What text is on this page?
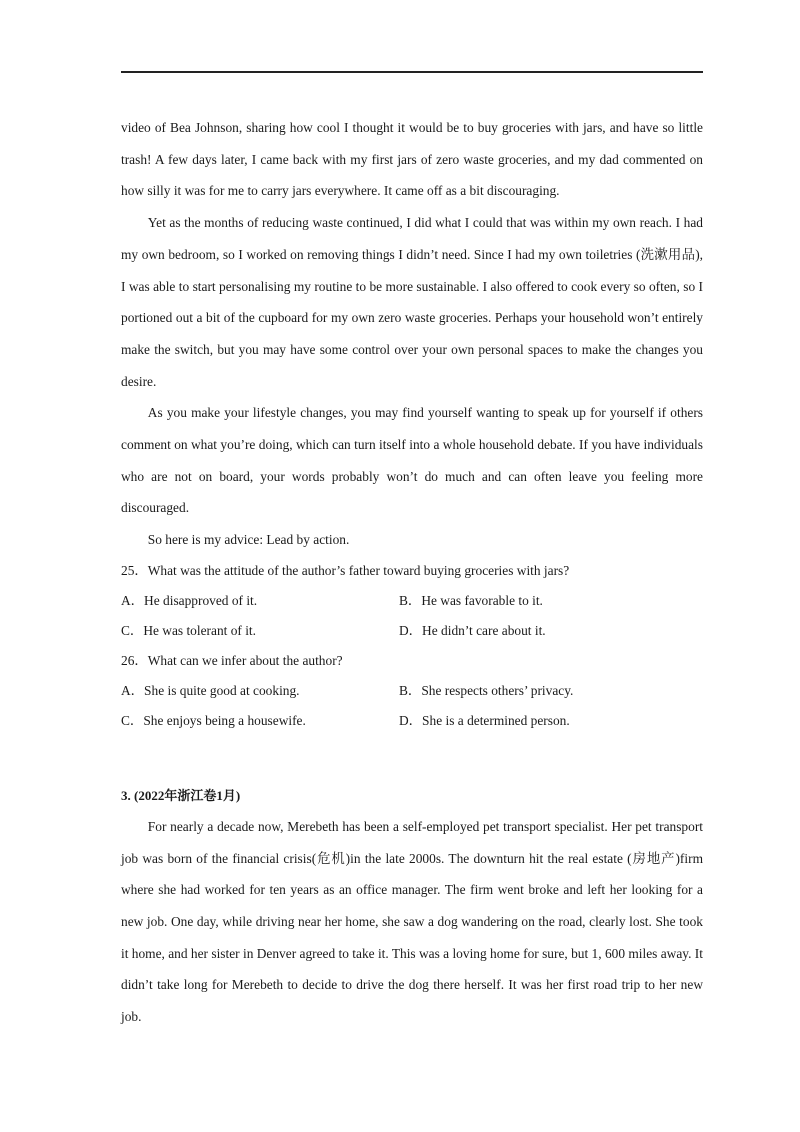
video of Bea Johnson, sharing how cool I thought it would be to buy groceries with jars, and have so little trash! A few days later, I came back with my first jars of zero waste groceries, and my dad commented on how silly it was for me to carry jars everywhere. It came off as a bit discouraging.

Yet as the months of reducing waste continued, I did what I could that was within my own reach. I had my own bedroom, so I worked on removing things I didn’t need. Since I had my own toiletries (洗漱用品), I was able to start personalising my routine to be more sustainable. I also offered to cook every so often, so I portioned out a bit of the cupboard for my own zero waste groceries. Perhaps your household won’t entirely make the switch, but you may have some control over your own personal spaces to make the changes you desire.

As you make your lifestyle changes, you may find yourself wanting to speak up for yourself if others comment on what you’re doing, which can turn itself into a whole household debate. If you have individuals who are not on board, your words probably won’t do much and can often leave you feeling more discouraged.

So here is my advice: Lead by action.

25．What was the attitude of the author’s father toward buying groceries with jars?

A．He disapproved of it.	B．He was favorable to it.
C．He was tolerant of it.	D．He didn’t care about it.

26．What can we infer about the author?

A．She is quite good at cooking.	B．She respects others’ privacy.
C．She enjoys being a housewife.	D．She is a determined person.

3. (2022年浙江卷1月)

For nearly a decade now, Merebeth has been a self-employed pet transport specialist. Her pet transport job was born of the financial crisis(危机)in the late 2000s. The downturn hit the real estate (房地产)firm where she had worked for ten years as an office manager. The firm went broke and left her looking for a new job. One day, while driving near her home, she saw a dog wandering on the road, clearly lost. She took it home, and her sister in Denver agreed to take it. This was a loving home for sure, but 1, 600 miles away. It didn’t take long for Merebeth to decide to drive the dog there herself. It was her first road trip to her new job.
